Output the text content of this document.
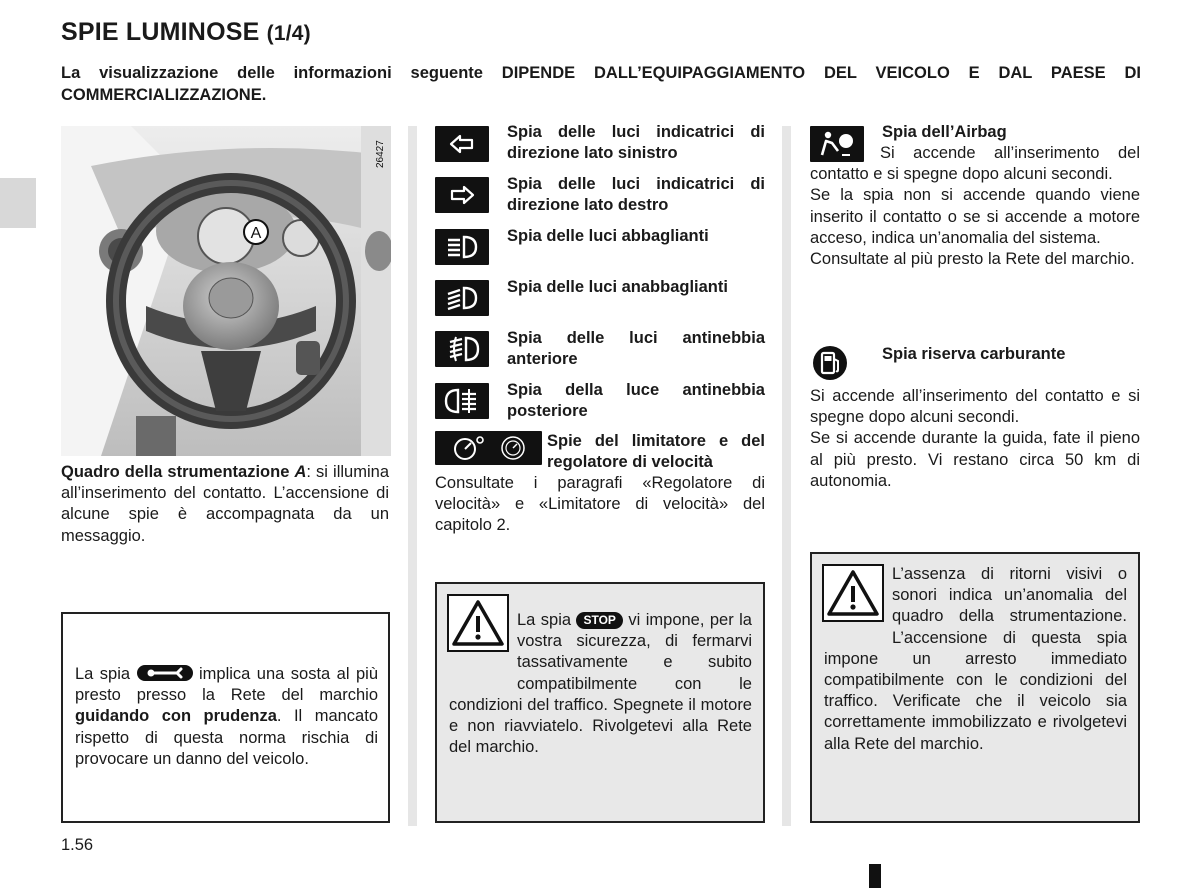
SPIE LUMINOSE (1/4)
La visualizzazione delle informazioni seguente DIPENDE DALL’EQUIPAGGIAMENTO DEL VEICOLO E DAL PAESE DI COMMERCIALIZZAZIONE.
A
26427
Quadro della strumentazione A: si illumina all’inserimento del contatto. L’accensione di alcune spie è accompagnata da un messaggio.
La spia	implica una sosta al più presto presso la Rete del marchio guidando con prudenza. Il mancato rispetto di questa norma rischia di provocare un danno del veicolo.
Spia delle luci indicatrici di direzione lato sinistro
Spia delle luci indicatrici di direzione lato destro
Spia delle luci abbaglianti
Spia delle luci anabbaglianti
Spia delle luci antinebbia anteriore
Spia della luce antinebbia posteriore
Spie del limitatore e del regolatore di velocità
Consultate i paragrafi «Regolatore di velocità» e «Limitatore di velocità» del capitolo 2.
La spia STOP vi impone, per la vostra sicurezza, di fermarvi tassativamente e subito compatibilmente con le condizioni del traffico. Spegnete il motore e non riavviatelo. Rivolgetevi alla Rete del marchio.
Spia dell’Airbag
Si accende all’inserimento del contatto e si spegne dopo alcuni secondi.
Se la spia non si accende quando viene inserito il contatto o se si accende a motore acceso, indica un’anomalia del sistema.
Consultate al più presto la Rete del marchio.
Spia riserva carburante
Si accende all’inserimento del contatto e si spegne dopo alcuni secondi.
Se si accende durante la guida, fate il pieno al più presto. Vi restano circa 50 km di autonomia.
L’assenza di ritorni visivi o sonori indica un’anomalia del quadro della strumentazione. L’accensione di questa spia impone un arresto immediato compatibilmente con le condizioni del traffico. Verificate che il veicolo sia correttamente immobilizzato e rivolgetevi alla Rete del marchio.
1.56
